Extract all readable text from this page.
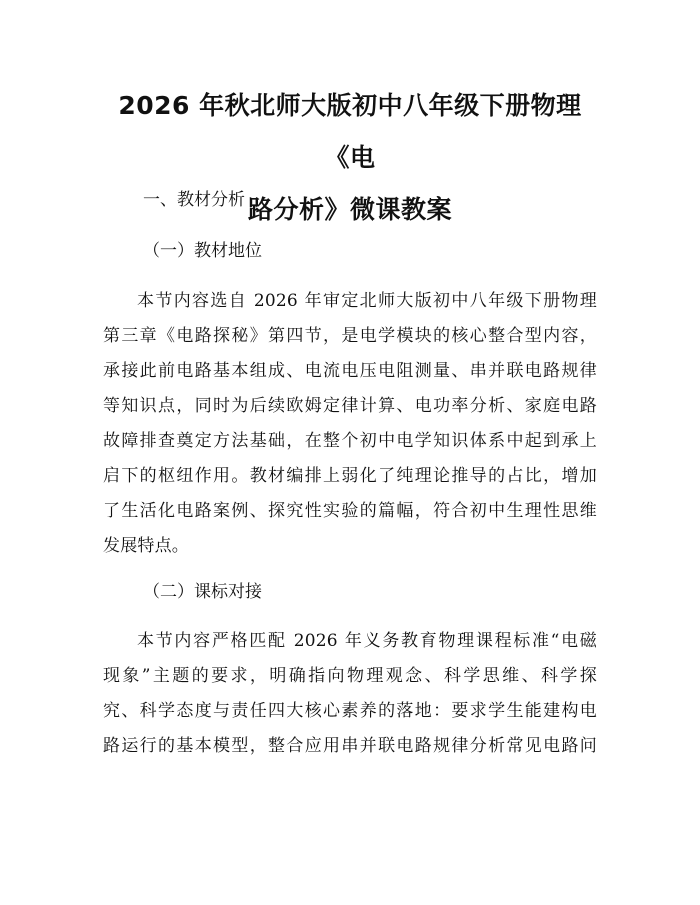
2026 年秋北师大版初中八年级下册物理《电
路分析》微课教案

一、教材分析

（一）教材地位

本节内容选自 2026 年审定北师大版初中八年级下册物理
第三章《电路探秘》第四节，是电学模块的核心整合型内容，
承接此前电路基本组成、电流电压电阻测量、串并联电路规律
等知识点，同时为后续欧姆定律计算、电功率分析、家庭电路
故障排查奠定方法基础，在整个初中电学知识体系中起到承上
启下的枢纽作用。教材编排上弱化了纯理论推导的占比，增加
了生活化电路案例、探究性实验的篇幅，符合初中生理性思维
发展特点。

（二）课标对接

本节内容严格匹配 2026 年义务教育物理课程标准“电磁
现象”主题的要求，明确指向物理观念、科学思维、科学探
究、科学态度与责任四大核心素养的落地：要求学生能建构电
路运行的基本模型，整合应用串并联电路规律分析常见电路问
